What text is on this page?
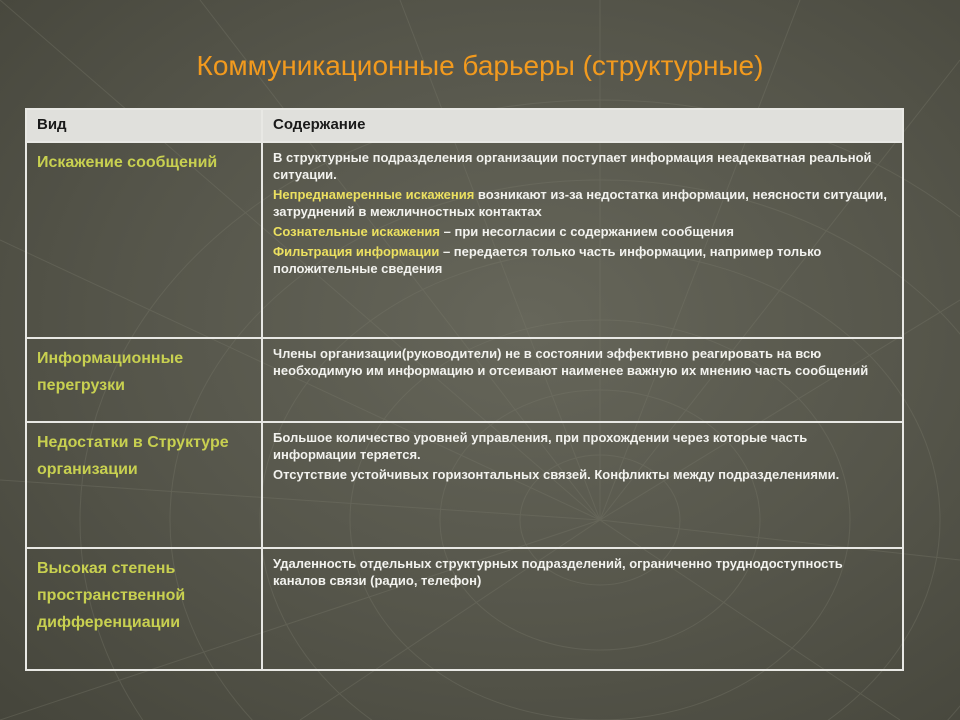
Коммуникационные барьеры (структурные)
Вид	Содержание
Искажение сообщений	В структурные подразделения организации поступает информация неадекватная реальной ситуации.

Непреднамеренные искажения возникают из-за недостатка информации, неясности ситуации, затруднений в межличностных контактах

Сознательные искажения – при несогласии с содержанием сообщения

Фильтрация информации – передается только часть информации, например только положительные сведения

Информационные перегрузки	Члены организации(руководители) не в состоянии эффективно реагировать на всю необходимую им информацию и отсеивают наименее важную их мнению часть сообщений

Недостатки в Структуре организации	Большое количество уровней управления, при прохождении через которые часть информации теряется.

Отсутствие устойчивых горизонтальных связей. Конфликты между подразделениями.

Высокая степень пространственной дифференциации	Удаленность отдельных структурных подразделений, ограниченно труднодоступность каналов связи (радио, телефон)
